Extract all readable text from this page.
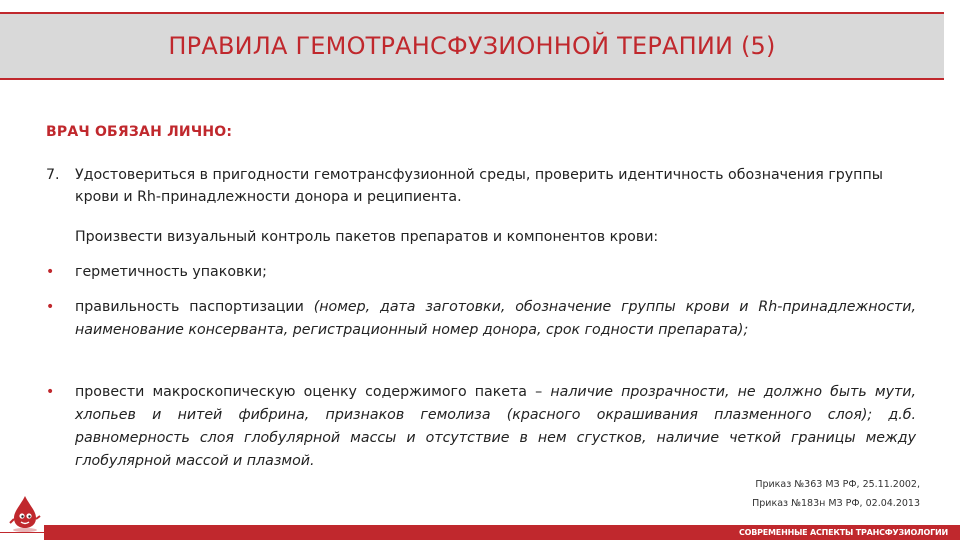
ПРАВИЛА ГЕМОТРАНСФУЗИОННОЙ ТЕРАПИИ (5)
ВРАЧ ОБЯЗАН ЛИЧНО:
7. Удостовериться в пригодности гемотрансфузионной среды, проверить идентичность обозначения группы крови и Rh-принадлежности донора и реципиента.
Произвести визуальный контроль пакетов препаратов и компонентов крови:
• герметичность упаковки;
• правильность паспортизации (номер, дата заготовки, обозначение группы крови и Rh-принадлежности, наименование консерванта, регистрационный номер донора, срок годности препарата);
• провести макроскопическую оценку содержимого пакета – наличие прозрачности, не должно быть мути, хлопьев и нитей фибрина, признаков гемолиза (красного окрашивания плазменного слоя); д.б. равномерность слоя глобулярной массы и отсутствие в нем сгустков, наличие четкой границы между глобулярной массой и плазмой.
Приказ №363 МЗ РФ, 25.11.2002,
Приказ №183н МЗ РФ, 02.04.2013
СОВРЕМЕННЫЕ АСПЕКТЫ ТРАНСФУЗИОЛОГИИ
